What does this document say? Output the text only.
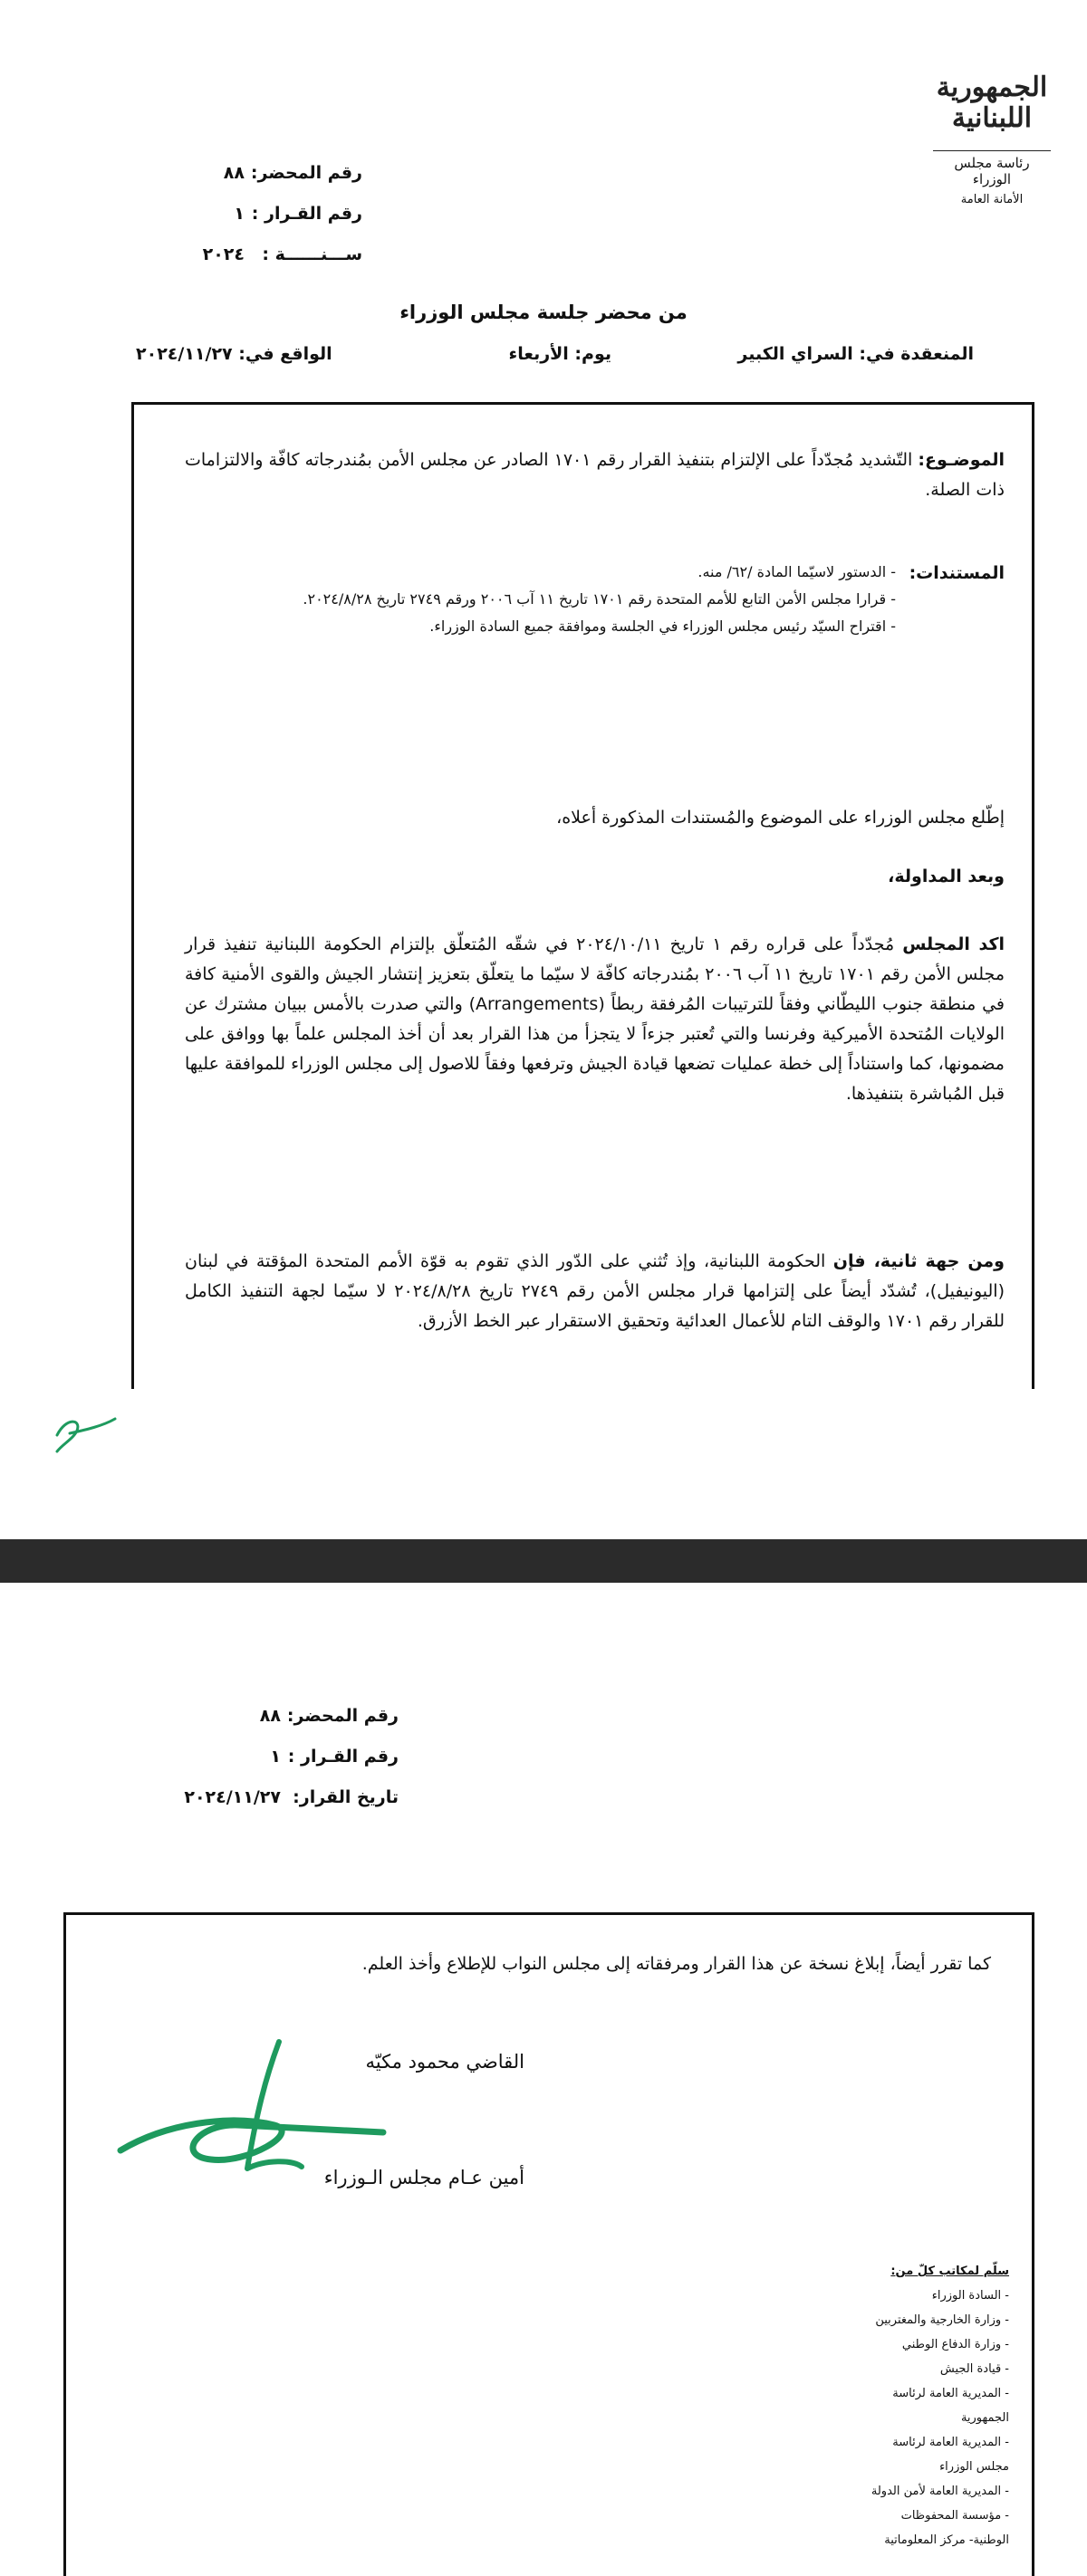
الجمهورية
اللبنانية
رئاسة مجلس الوزراء
الأمانة العامة
رقم المحضر:٨٨
رقم القـرار :١
ســـنــــــة :٢٠٢٤
من محضر جلسة مجلس الوزراء
المنعقدة في: السراي الكبير
يوم: الأربعاء
الواقع في: ٢٠٢٤/١١/٢٧
الموضـوع: التّشديد مُجدّداً على الإلتزام بتنفيذ القرار رقم ١٧٠١ الصادر عن مجلس الأمن بمُندرجاته كافّة والالتزامات ذات الصلة.
المستندات:
- الدستور لاسيّما المادة /٦٢/ منه.
- قرارا مجلس الأمن التابع للأمم المتحدة رقم ١٧٠١ تاريخ ١١ آب ٢٠٠٦ ورقم ٢٧٤٩ تاريخ ٢٠٢٤/٨/٢٨.
- اقتراح السيّد رئيس مجلس الوزراء في الجلسة وموافقة جميع السادة الوزراء.
إطّلع مجلس الوزراء على الموضوع والمُستندات المذكورة أعلاه،
وبعد المداولة،
اكد المجلس مُجدّداً على قراره رقم ١ تاريخ ٢٠٢٤/١٠/١١ في شقّه المُتعلّق بإلتزام الحكومة اللبنانية تنفيذ قرار مجلس الأمن رقم ١٧٠١ تاريخ ١١ آب ٢٠٠٦ بمُندرجاته كافّة لا سيّما ما يتعلّق بتعزيز إنتشار الجيش والقوى الأمنية كافة في منطقة جنوب الليطّاني وفقاً للترتيبات المُرفقة ربطاً (Arrangements) والتي صدرت بالأمس ببيان مشترك عن الولايات المُتحدة الأميركية وفرنسا والتي تُعتبر جزءاً لا يتجزأ من هذا القرار بعد أن أخذ المجلس علماً بها ووافق على مضمونها، كما واستناداً إلى خطة عمليات تضعها قيادة الجيش وترفعها وفقاً للاصول إلى مجلس الوزراء للموافقة عليها قبل المُباشرة بتنفيذها.
ومن جهة ثانية، فإن الحكومة اللبنانية، وإذ تُثني على الدّور الذي تقوم به قوّة الأمم المتحدة المؤقتة في لبنان (اليونيفيل)، تُشدّد أيضاً على إلتزامها قرار مجلس الأمن رقم ٢٧٤٩ تاريخ ٢٠٢٤/٨/٢٨ لا سيّما لجهة التنفيذ الكامل للقرار رقم ١٧٠١ والوقف التام للأعمال العدائية وتحقيق الاستقرار عبر الخط الأزرق.
رقم المحضر:٨٨
رقم القـرار :١
تاريخ القرار:٢٠٢٤/١١/٢٧
كما تقرر أيضاً، إبلاغ نسخة عن هذا القرار ومرفقاته إلى مجلس النواب للإطلاع وأخذ العلم.
القاضي محمود مكيّه
أمين عـام مجلس الـوزراء
سلّم لمكاتب كلّ من:
- السادة الوزراء
- وزارة الخارجية والمغتربين
- وزارة الدفاع الوطني
- قيادة الجيش
- المديرية العامة لرئاسة الجمهورية
- المديرية العامة لرئاسة مجلس الوزراء
- المديرية العامة لأمن الدولة
- مؤسسة المحفوظات الوطنية- مركز المعلوماتية
